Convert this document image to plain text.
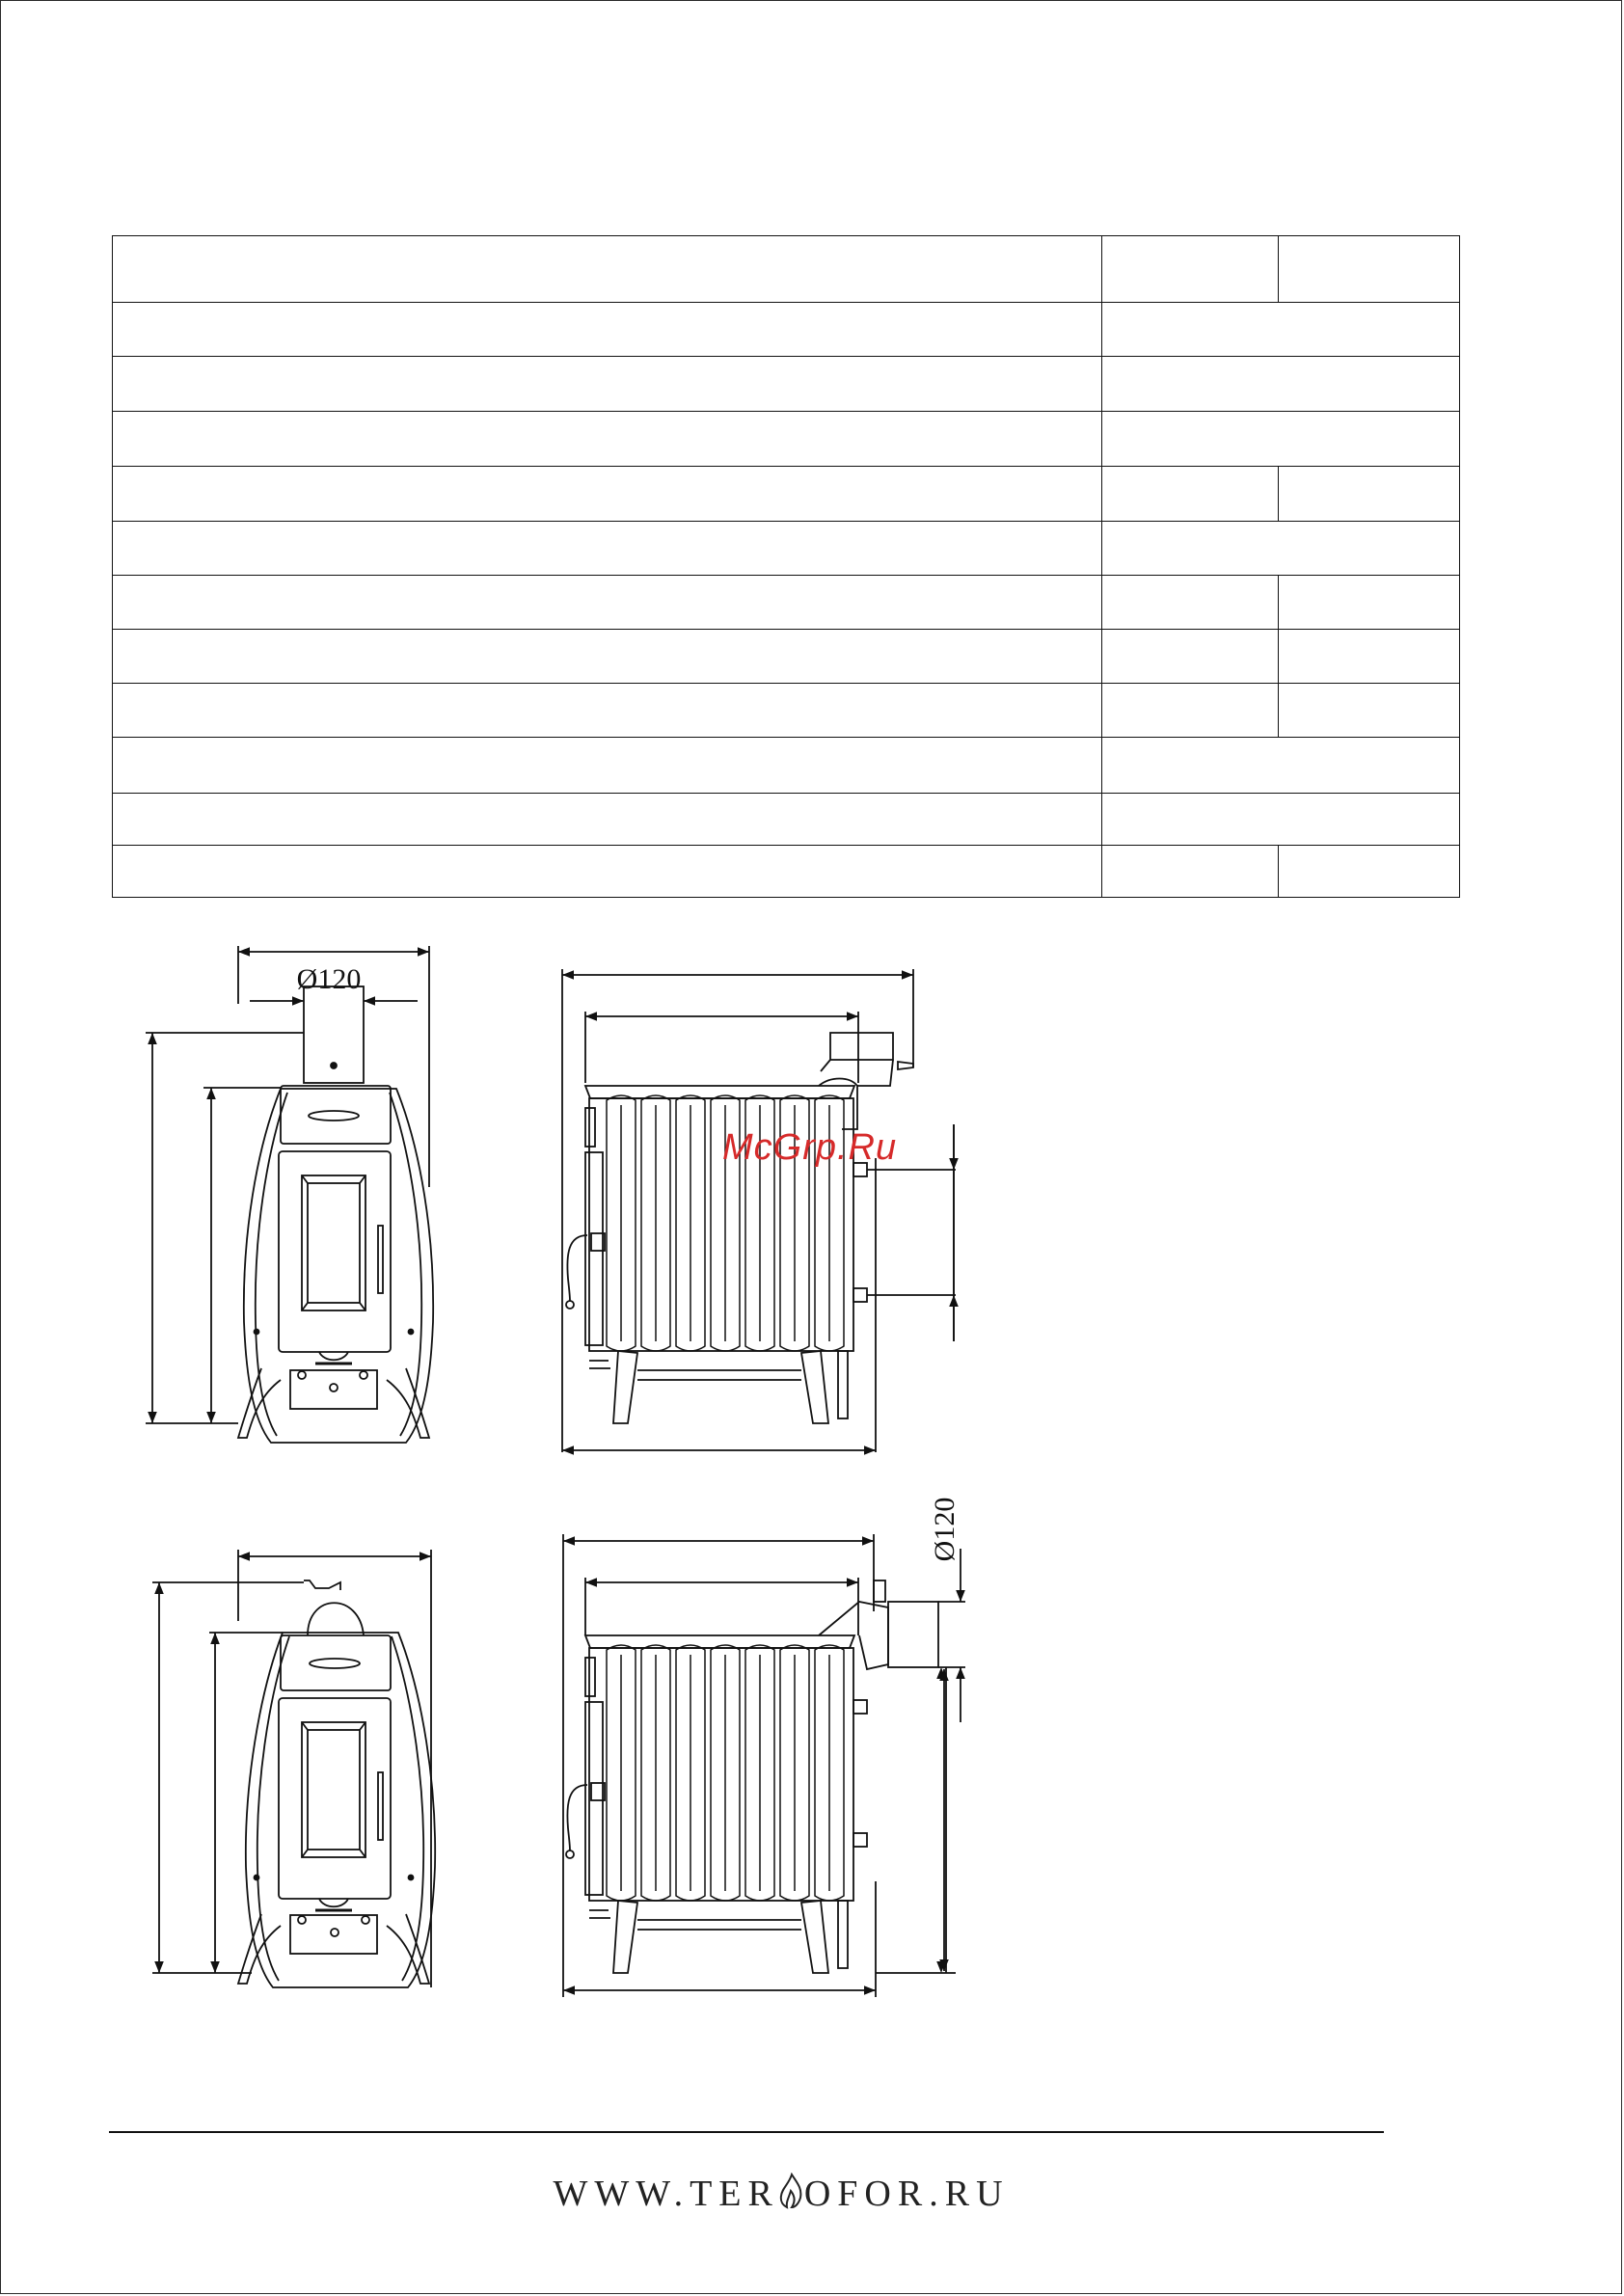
Ø120
Ø120
McGrp.Ru
WWW.TER OFOR.RU
